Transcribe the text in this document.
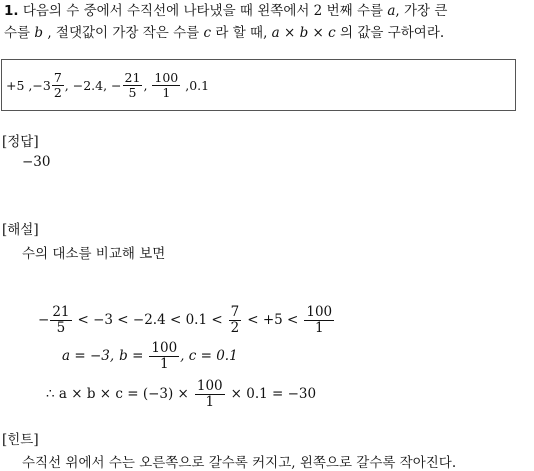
1. 다음의 수 중에서 수직선에 나타냈을 때 왼쪽에서 2 번째 수를 a, 가장 큰
수를 b , 절댓값이 가장 작은 수를 c 라 할 때, a × b × c 의 값을 구하여라.
+5 , $-3 \frac{7}{2}$ , −2.4 , − $\frac{21}{5}$ , $\frac{100}{1}$ , 0.1
[정답]
−30
[해설]
수의 대소를 비교해 보면
− $\frac{21}{5} < -3 < -2.4 < 0.1 < \frac{7}{2} < +5 < \frac{100}{1}$
a = −3, $b = \frac{100}{1}$ , c = 0.1
∴ $a \times b \times c = (-3) \times \frac{100}{1} \times 0.1 = -30$
[힌트]
수직선 위에서 수는 오른쪽으로 갈수록 커지고, 왼쪽으로 갈수록 작아진다.
